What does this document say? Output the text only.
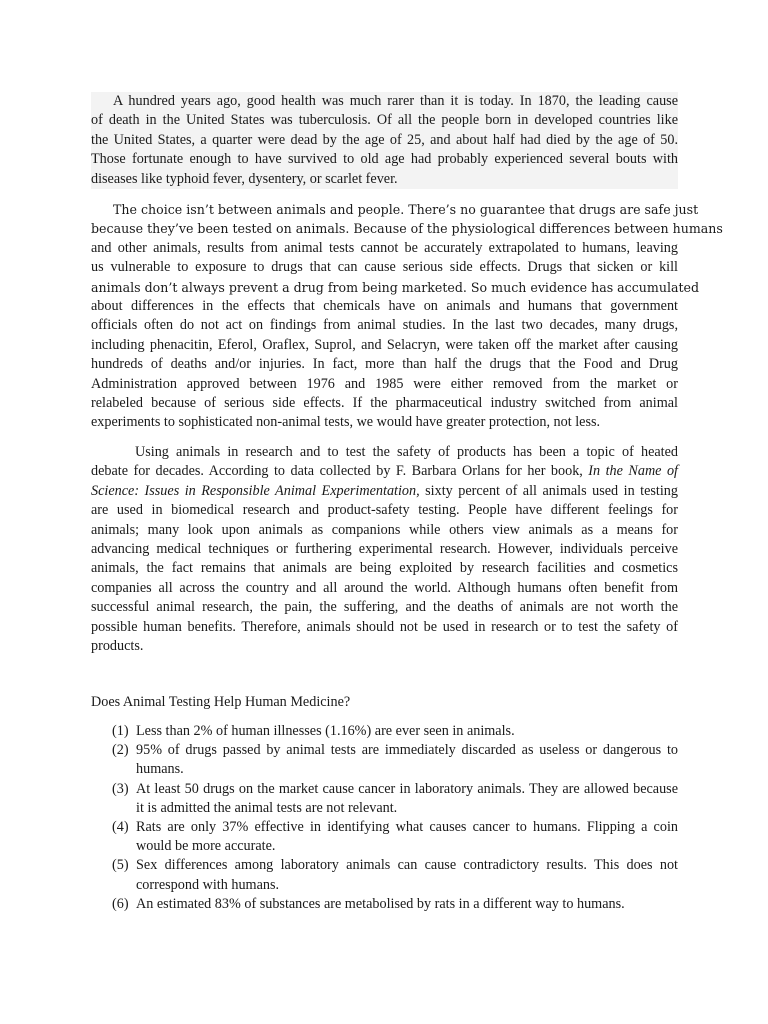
A hundred years ago, good health was much rarer than it is today. In 1870, the leading cause
of death in the United States was tuberculosis. Of all the people born in developed countries like
the United States, a quarter were dead by the age of 25, and about half had died by the age of 50.
Those fortunate enough to have survived to old age had probably experienced several bouts with
diseases like typhoid fever, dysentery, or scarlet fever.

The choice isn’t between animals and people. There’s no guarantee that drugs are safe just
because they’ve been tested on animals. Because of the physiological differences between humans
and other animals, results from animal tests cannot be accurately extrapolated to humans, leaving
us vulnerable to exposure to drugs that can cause serious side effects. Drugs that sicken or kill
animals don’t always prevent a drug from being marketed. So much evidence has accumulated
about differences in the effects that chemicals have on animals and humans that government
officials often do not act on findings from animal studies. In the last two decades, many drugs,
including phenacitin, Eferol, Oraflex, Suprol, and Selacryn, were taken off the market after causing
hundreds of deaths and/or injuries. In fact, more than half the drugs that the Food and Drug
Administration approved between 1976 and 1985 were either removed from the market or
relabeled because of serious side effects. If the pharmaceutical industry switched from animal
experiments to sophisticated non-animal tests, we would have greater protection, not less.

Using animals in research and to test the safety of products has been a topic of heated
debate for decades. According to data collected by F. Barbara Orlans for her book, In the Name of
Science: Issues in Responsible Animal Experimentation, sixty percent of all animals used in testing
are used in biomedical research and product-safety testing. People have different feelings for
animals; many look upon animals as companions while others view animals as a means for
advancing medical techniques or furthering experimental research. However, individuals perceive
animals, the fact remains that animals are being exploited by research facilities and cosmetics
companies all across the country and all around the world. Although humans often benefit from
successful animal research, the pain, the suffering, and the deaths of animals are not worth the
possible human benefits. Therefore, animals should not be used in research or to test the safety of
products.

Does Animal Testing Help Human Medicine?

(1) Less than 2% of human illnesses (1.16%) are ever seen in animals.
(2) 95% of drugs passed by animal tests are immediately discarded as useless or dangerous to humans.
(3) At least 50 drugs on the market cause cancer in laboratory animals. They are allowed because it is admitted the animal tests are not relevant.
(4) Rats are only 37% effective in identifying what causes cancer to humans. Flipping a coin would be more accurate.
(5) Sex differences among laboratory animals can cause contradictory results. This does not correspond with humans.
(6) An estimated 83% of substances are metabolised by rats in a different way to humans.
